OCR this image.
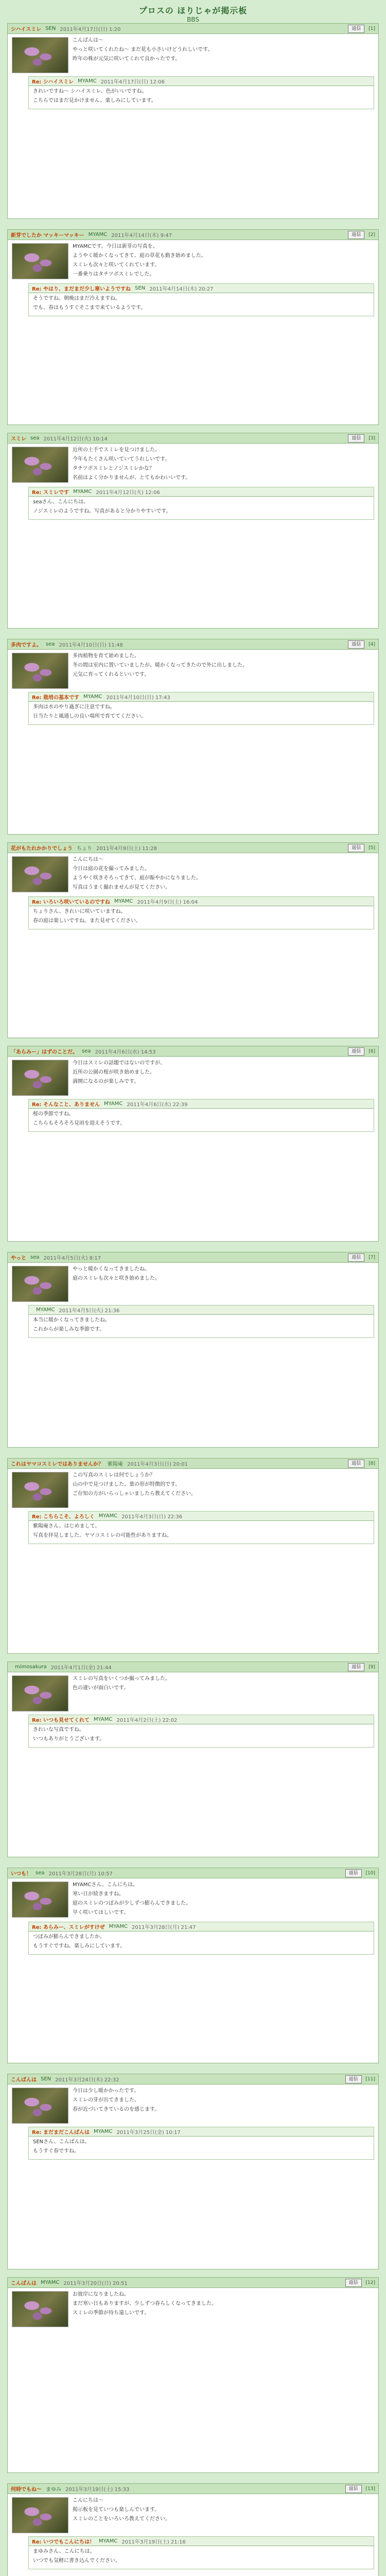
プロスの ほりじゃが掲示板
BBS
シハイスミレ SEN 2011年4月17日(日) 1:20	返信	[1]

こんばんは〜

やっと咲いてくれたね〜 まだ花も小さいけどうれしいです。

昨年の株が元気に咲いてくれて良かったです。

Re: シハイスミレ MYAMC 2011年4月17日(日) 12:06

きれいですね〜 シハイスミレ、色がいいですね。

こちらではまだ見かけません。楽しみにしています。

新芽でしたか マッキーマッキー MYAMC 2011年4月14日(木) 9:47	返信	[2]

MYAMCです。今日は新芽の写真を。

ようやく暖かくなってきて、庭の草花も動き始めました。

スミレも次々と咲いてくれています。

一番乗りはタチツボスミレでした。

Re: やはり、まだまだ少し寒いようですね SEN 2011年4月14日(木) 20:27

そうですね。朝晩はまだ冷えますね。

でも、春はもうすぐそこまで来ているようです。

スミレ sea 2011年4月12日(火) 10:14	返信	[3]

近所の土手でスミレを見つけました。

今年もたくさん咲いていてうれしいです。

タチツボスミレとノジスミレかな？

名前はよく分かりませんが、とてもかわいいです。

Re: スミレです MYAMC 2011年4月12日(火) 12:06

seaさん、こんにちは。

ノジスミレのようですね。写真があると分かりやすいです。

多肉ですよ。 sea 2011年4月10日(日) 11:48	返信	[4]

多肉植物を育て始めました。

冬の間は室内に置いていましたが、暖かくなってきたので外に出しました。

元気に育ってくれるといいです。

Re: 栽培の基本です MYAMC 2011年4月10日(日) 17:43

多肉は水のやり過ぎに注意ですね。

日当たりと風通しの良い場所で育ててください。

花がもたれかかりでしょう ちょり 2011年4月9日(土) 11:28	返信	[5]

こんにちは〜

今日は庭の花を撮ってみました。

ようやく咲きそろってきて、庭が賑やかになりました。

写真はうまく撮れませんが見てください。

Re: いろいろ咲いているのですね MYAMC 2011年4月9日(土) 16:04

ちょりさん、きれいに咲いていますね。

春の庭は楽しいですね。また見せてください。

「あらみー」はずのことだ。 sea 2011年4月6日(水) 14:53	返信	[6]

今日はスミレの話題ではないのですが、

近所の公園の桜が咲き始めました。

満開になるのが楽しみです。

Re: そんなこと、ありません MYAMC 2011年4月6日(水) 22:39

桜の季節ですね。

こちらもそろそろ見頃を迎えそうです。

やっと sea 2011年4月5日(火) 8:17	返信	[7]

やっと暖かくなってきましたね。

庭のスミレも次々と咲き始めました。

MYAMC 2011年4月5日(火) 21:36

本当に暖かくなってきましたね。

これからが楽しみな季節です。

これはヤマコスミレではありませんか？ 紫陽庵 2011年4月3日(日) 20:01	返信	[8]

この写真のスミレは何でしょうか？

山の中で見つけました。葉の形が特徴的です。

ご存知の方がいらっしゃいましたら教えてください。

Re: こちらこそ、よろしく MYAMC 2011年4月3日(日) 22:36

紫陽庵さん、はじめまして。

写真を拝見しました。ヤマコスミレの可能性がありますね。

mimosakura 2011年4月1日(金) 21:44	返信	[9]

スミレの写真をいくつか撮ってみました。

色の違いが面白いです。

Re: いつも見せてくれて MYAMC 2011年4月2日(土) 22:02

きれいな写真ですね。

いつもありがとうございます。

いつも！ sea 2011年3月28日(月) 10:57	返信	[10]

MYAMCさん、こんにちは。

寒い日が続きますね。

庭のスミレのつぼみが少しずつ膨らんできました。

早く咲いてほしいです。

Re: あらみー、スミレがすけぜ MYAMC 2011年3月28日(月) 21:47

つぼみが膨らんできましたか。

もうすぐですね。楽しみにしています。

こんばんは SEN 2011年3月24日(木) 22:32	返信	[11]

今日は少し暖かかったです。

スミレの芽が出てきました。

春が近づいてきているのを感じます。

Re: まだまだこんばんは MYAMC 2011年3月25日(金) 10:17

SENさん、こんばんは。

もうすぐ春ですね。

こんばんは MYAMC 2011年3月20日(日) 20:51	返信	[12]

お彼岸になりましたね。

まだ寒い日もありますが、少しずつ春らしくなってきました。

スミレの季節が待ち遠しいです。

何時でもね〜 まゆみ 2011年3月19日(土) 15:33	返信	[13]

こんにちは〜

掲示板を見ていつも楽しんでいます。

スミレのことをいろいろ教えてください。

Re: いつでもこんにちは！ MYAMC 2011年3月19日(土) 21:16

まゆみさん、こんにちは。

いつでも気軽に書き込んでください。
